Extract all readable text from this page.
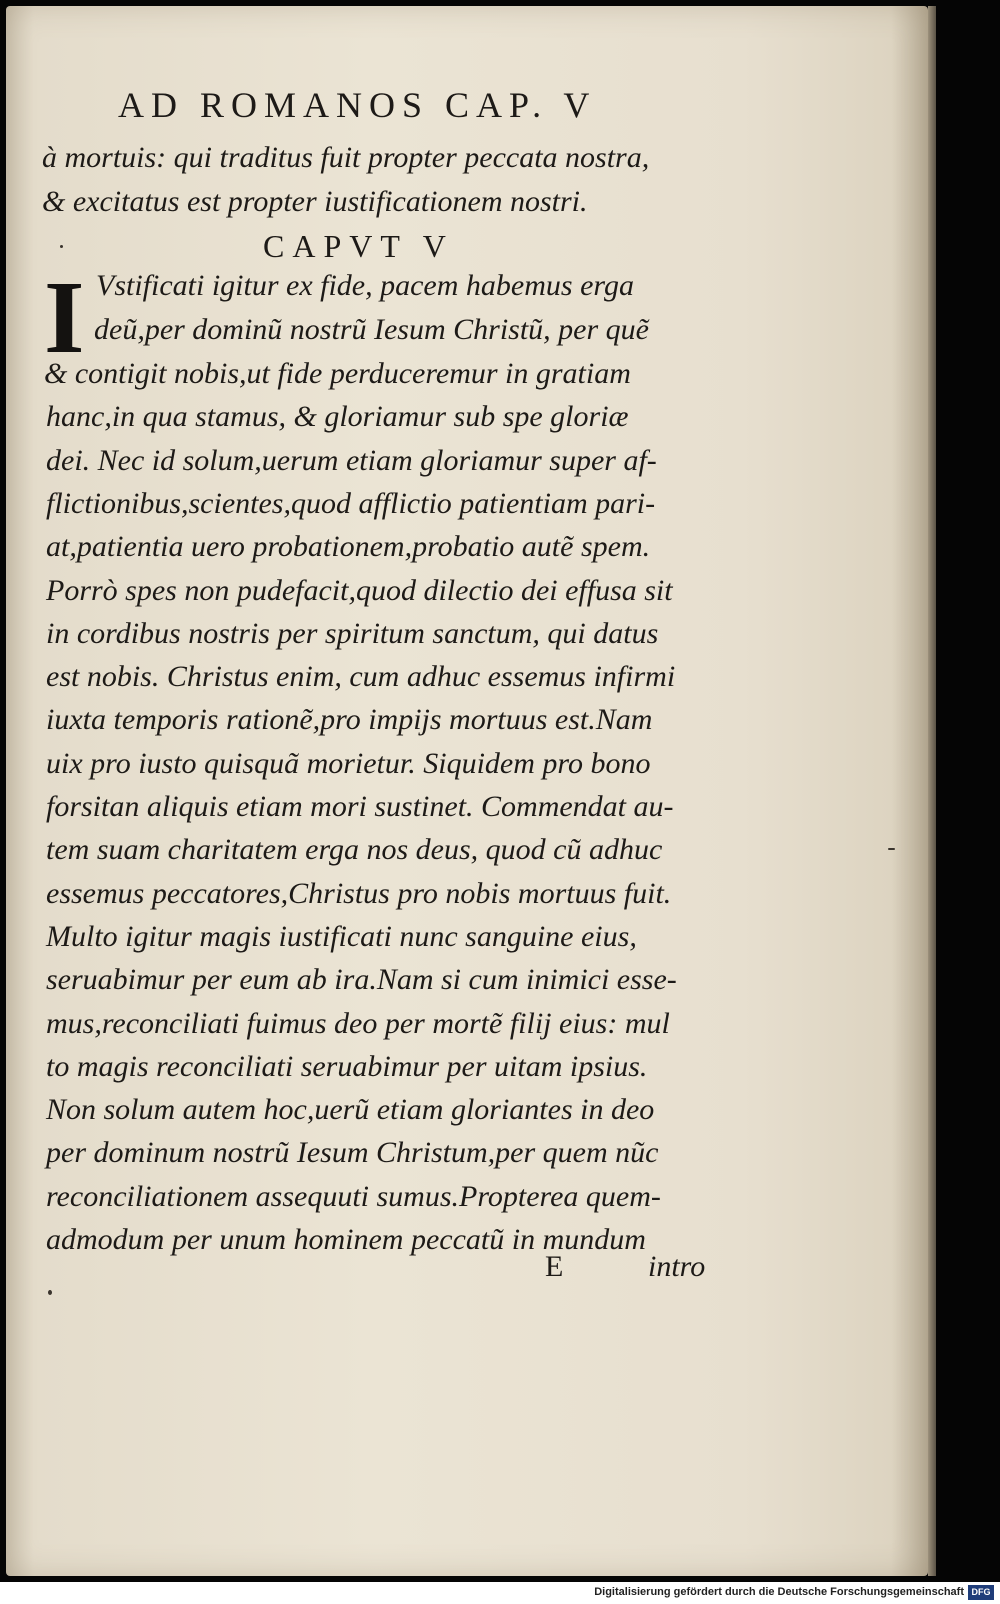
AD ROMANOS CAP. V
à mortuis: qui traditus fuit propter peccata nostra,
& excitatus est propter iustificationem nostri.
CAPVT V
I Vstificati igitur ex fide, pacem habemus erga
deũ,per dominũ nostrũ Iesum Christũ, per quẽ
& contigit nobis,ut fide perduceremur in gratiam
hanc,in qua stamus, & gloriamur sub spe gloriæ
dei. Nec id solum,uerum etiam gloriamur super af-
flictionibus,scientes,quod afflictio patientiam pari-
at,patientia uero probationem,probatio autẽ spem.
Porrò spes non pudefacit,quod dilectio dei effusa sit
in cordibus nostris per spiritum sanctum, qui datus
est nobis. Christus enim, cum adhuc essemus infirmi
iuxta temporis rationẽ,pro impijs mortuus est.Nam
uix pro iusto quisquã morietur. Siquidem pro bono
forsitan aliquis etiam mori sustinet. Commendat au-
tem suam charitatem erga nos deus, quod cũ adhuc
essemus peccatores,Christus pro nobis mortuus fuit.
Multo igitur magis iustificati nunc sanguine eius,
seruabimur per eum ab ira.Nam si cum inimici esse-
mus,reconciliati fuimus deo per mortẽ filij eius: mul
to magis reconciliati seruabimur per uitam ipsius.
Non solum autem hoc,uerũ etiam gloriantes in deo
per dominum nostrũ Iesum Christum,per quem nũc
reconciliationem assequuti sumus.Propterea quem-
admodum per unum hominem peccatũ in mundum
E	intro
Digitalisierung gefördert durch die Deutsche Forschungsgemeinschaft DFG
